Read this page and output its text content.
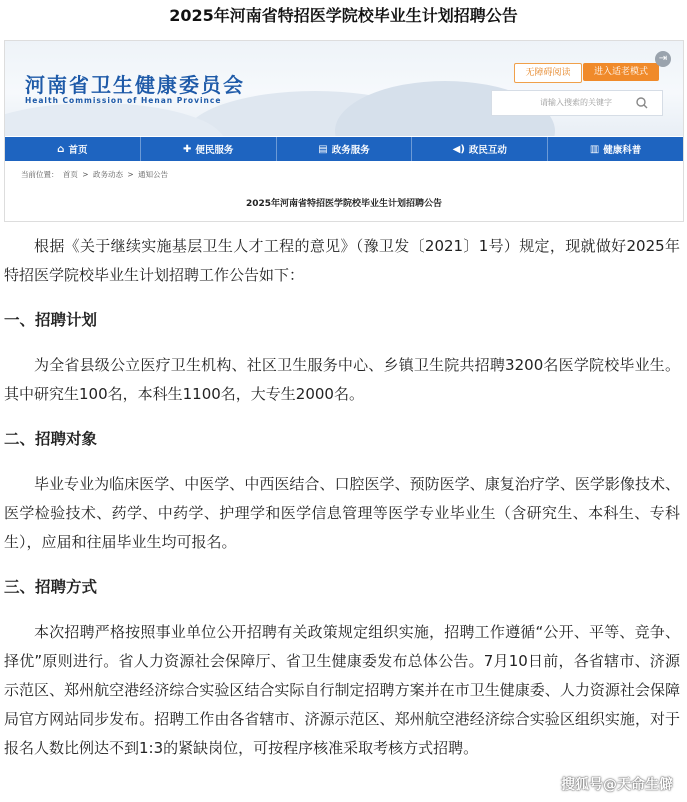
2025年河南省特招医学院校毕业生计划招聘公告
河南省卫生健康委员会
Health Commission of Henan Province
无障碍阅读	进入适老模式
⇥
请输入搜索的关键字
⌂ 首页	✚ 便民服务	▤ 政务服务	◀) 政民互动	▥ 健康科普
当前位置： 首页 > 政务动态 > 通知公告
2025年河南省特招医学院校毕业生计划招聘公告

根据《关于继续实施基层卫生人才工程的意见》（豫卫发〔2021〕1号）规定，现就做好2025年特招医学院校毕业生计划招聘工作公告如下：

一、招聘计划

为全省县级公立医疗卫生机构、社区卫生服务中心、乡镇卫生院共招聘3200名医学院校毕业生。其中研究生100名，本科生1100名，大专生2000名。

二、招聘对象

毕业专业为临床医学、中医学、中西医结合、口腔医学、预防医学、康复治疗学、医学影像技术、医学检验技术、药学、中药学、护理学和医学信息管理等医学专业毕业生（含研究生、本科生、专科生），应届和往届毕业生均可报名。

三、招聘方式

本次招聘严格按照事业单位公开招聘有关政策规定组织实施，招聘工作遵循“公开、平等、竞争、择优”原则进行。省人力资源社会保障厅、省卫生健康委发布总体公告。7月10日前，各省辖市、济源示范区、郑州航空港经济综合实验区结合实际自行制定招聘方案并在市卫生健康委、人力资源社会保障局官方网站同步发布。招聘工作由各省辖市、济源示范区、郑州航空港经济综合实验区组织实施，对于报名人数比例达不到1:3的紧缺岗位，可按程序核准采取考核方式招聘。

搜狐号@天命生僻
